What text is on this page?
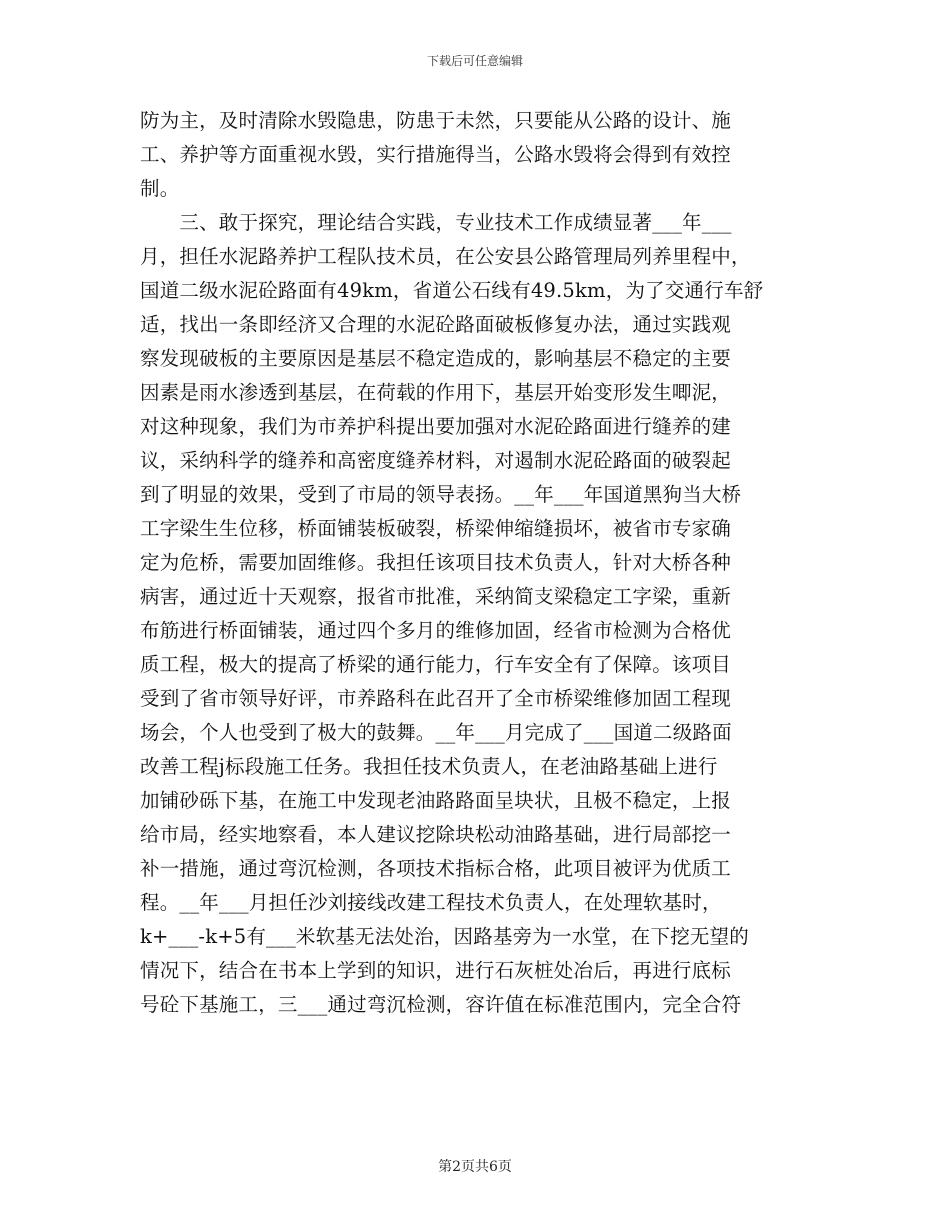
下载后可任意编辑
防为主，及时清除水毁隐患，防患于未然，只要能从公路的设计、施
工、养护等方面重视水毁，实行措施得当，公路水毁将会得到有效控
制。
　　三、敢于探究，理论结合实践，专业技术工作成绩显著___年___
月，担任水泥路养护工程队技术员，在公安县公路管理局列养里程中，
国道二级水泥砼路面有49km，省道公石线有49.5km，为了交通行车舒
适，找出一条即经济又合理的水泥砼路面破板修复办法，通过实践观
察发现破板的主要原因是基层不稳定造成的，影响基层不稳定的主要
因素是雨水渗透到基层，在荷载的作用下，基层开始变形发生唧泥，
对这种现象，我们为市养护科提出要加强对水泥砼路面进行缝养的建
议，采纳科学的缝养和高密度缝养材料，对遏制水泥砼路面的破裂起
到了明显的效果，受到了市局的领导表扬。__年___年国道黑狗当大桥
工字梁生生位移，桥面铺装板破裂，桥梁伸缩缝损坏，被省市专家确
定为危桥，需要加固维修。我担任该项目技术负责人，针对大桥各种
病害，通过近十天观察，报省市批准，采纳简支梁稳定工字梁，重新
布筋进行桥面铺装，通过四个多月的维修加固，经省市检测为合格优
质工程，极大的提高了桥梁的通行能力，行车安全有了保障。该项目
受到了省市领导好评，市养路科在此召开了全市桥梁维修加固工程现
场会，个人也受到了极大的鼓舞。__年___月完成了___国道二级路面
改善工程j标段施工任务。我担任技术负责人，在老油路基础上进行
加铺砂砾下基，在施工中发现老油路路面呈块状，且极不稳定，上报
给市局，经实地察看，本人建议挖除块松动油路基础，进行局部挖一
补一措施，通过弯沉检测，各项技术指标合格，此项目被评为优质工
程。__年___月担任沙刘接线改建工程技术负责人，在处理软基时，
k+___-k+5有___米软基无法处治，因路基旁为一水堂，在下挖无望的
情况下，结合在书本上学到的知识，进行石灰桩处冶后，再进行底标
号砼下基施工，三___通过弯沉检测，容许值在标准范围内，完全合符
第2页共6页
